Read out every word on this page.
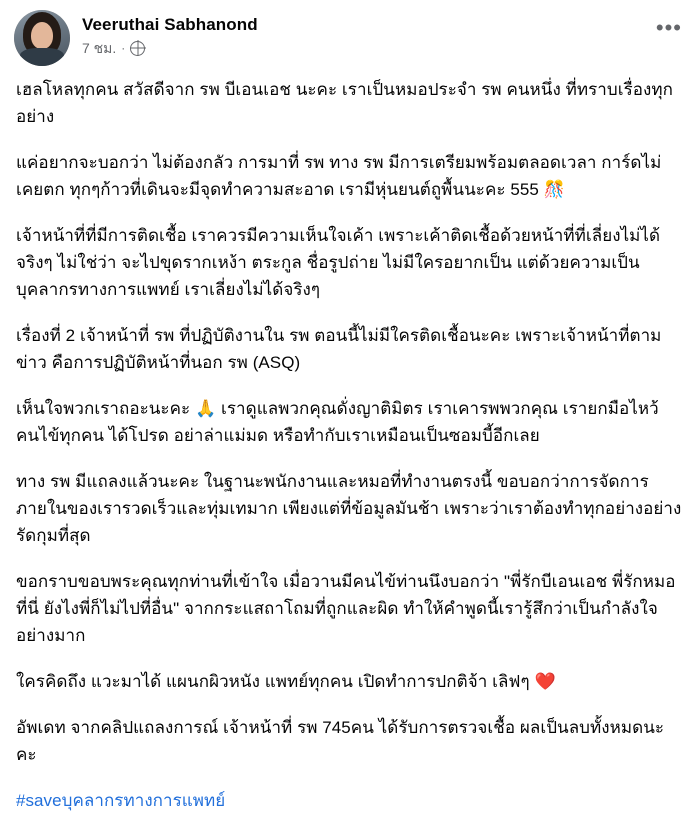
Veeruthai Sabhanond
7 ชม. ·
•••

เฮลโหลทุกคน สวัสดีจาก รพ บีเอนเอช นะคะ เราเป็นหมอประจำ รพ คนหนึ่ง ที่ทราบเรื่องทุกอย่าง

แค่อยากจะบอกว่า ไม่ต้องกลัว การมาที่ รพ ทาง รพ มีการเตรียมพร้อมตลอดเวลา การ์ดไม่เคยตก ทุกๆก้าวที่เดินจะมีจุดทำความสะอาด เรามีหุ่นยนต์ถูพื้นนะคะ 555 🎊

เจ้าหน้าที่ที่มีการติดเชื้อ เราควรมีความเห็นใจเค้า เพราะเค้าติดเชื้อด้วยหน้าที่ที่เลี่ยงไม่ได้จริงๆ ไม่ใช่ว่า จะไปขุดรากเหง้า ตระกูล ชื่อรูปถ่าย ไม่มีใครอยากเป็น แต่ด้วยความเป็นบุคลากรทางการแพทย์ เราเลี่ยงไม่ได้จริงๆ

เรื่องที่ 2 เจ้าหน้าที่ รพ ที่ปฏิบัติงานใน รพ ตอนนี้ไม่มีใครติดเชื้อนะคะ เพราะเจ้าหน้าที่ตามข่าว คือการปฏิบัติหน้าที่นอก รพ (ASQ)

เห็นใจพวกเราถอะนะคะ 🙏 เราดูแลพวกคุณดั่งญาติมิตร เราเคารพพวกคุณ เรายกมือไหว้คนไข้ทุกคน ได้โปรด อย่าล่าแม่มด หรือทำกับเราเหมือนเป็นซอมบี้อีกเลย

ทาง รพ มีแถลงแล้วนะคะ ในฐานะพนักงานและหมอที่ทำงานตรงนี้ ขอบอกว่าการจัดการภายในของเรารวดเร็วและทุ่มเทมาก เพียงแต่ที่ข้อมูลมันช้า เพราะว่าเราต้องทำทุกอย่างอย่างรัดกุมที่สุด

ขอกราบขอบพระคุณทุกท่านที่เข้าใจ เมื่อวานมีคนไข้ท่านนึงบอกว่า "พี่รักบีเอนเอช พี่รักหมอที่นี่ ยังไงพี่ก็ไม่ไปที่อื่น" จากกระแสถาโถมที่ถูกและผิด ทำให้คำพูดนี้เรารู้สึกว่าเป็นกำลังใจอย่างมาก

ใครคิดถึง แวะมาได้ แผนกผิวหนัง แพทย์ทุกคน เปิดทำการปกติจ้า เลิฟๆ ❤️

อัพเดท จากคลิปแถลงการณ์ เจ้าหน้าที่ รพ 745คน ได้รับการตรวจเชื้อ ผลเป็นลบทั้งหมดนะคะ

#saveบุคลากรทางการแพทย์
